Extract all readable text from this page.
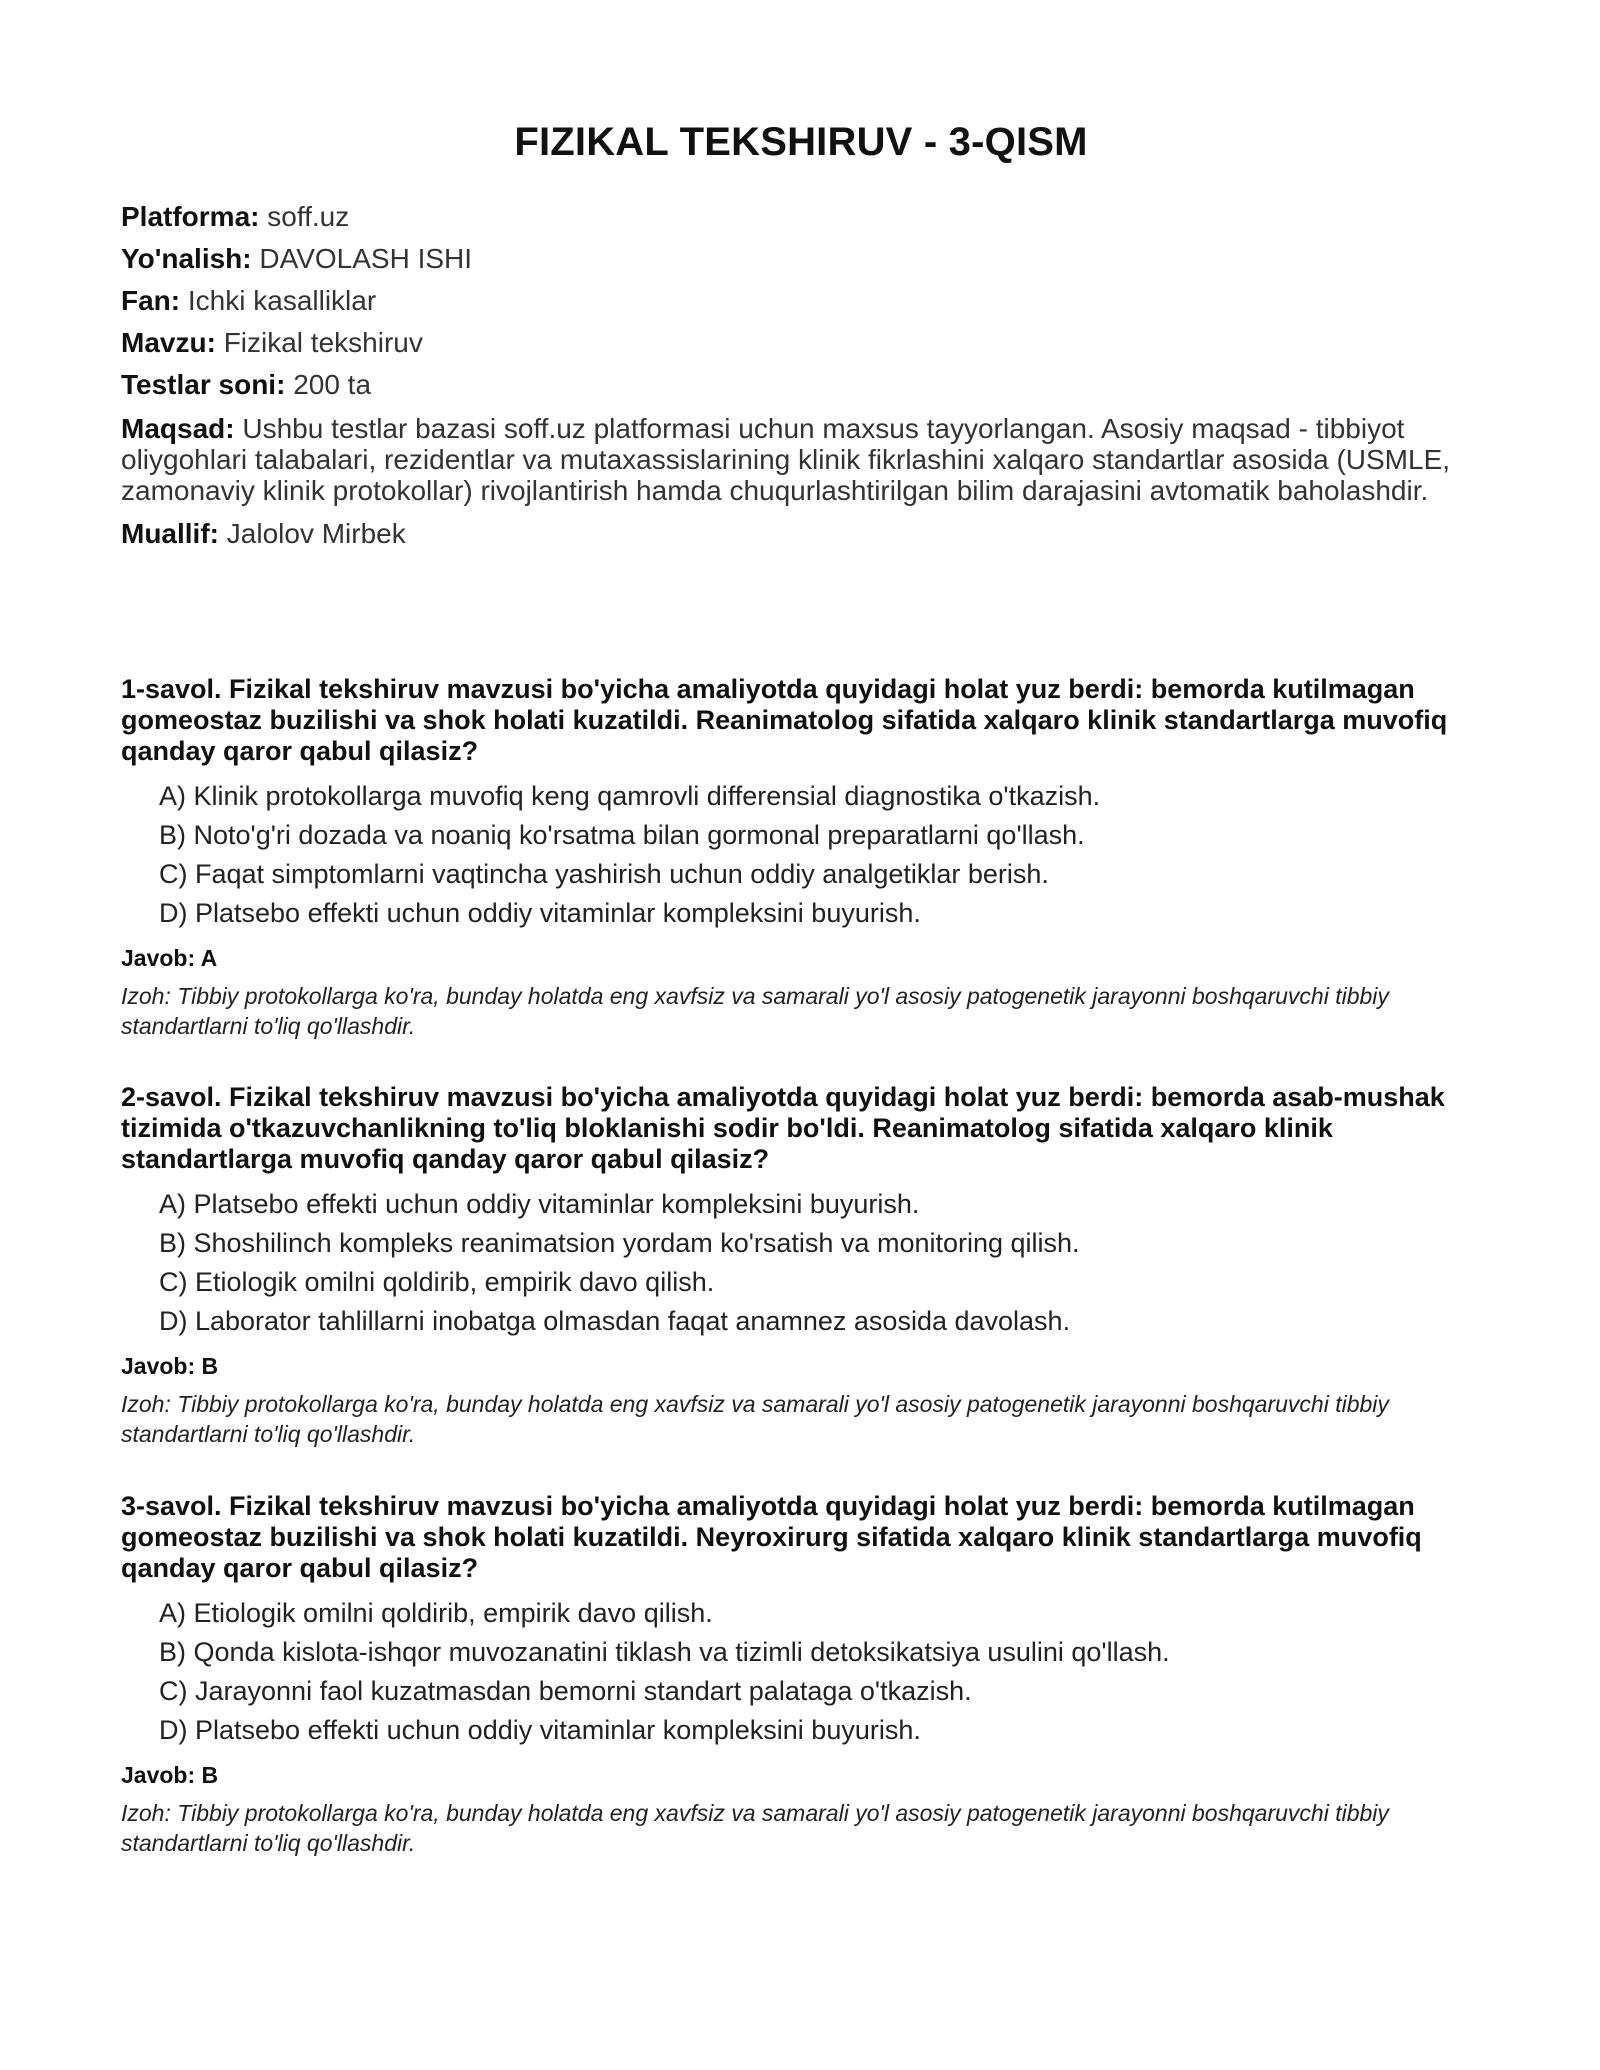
FIZIKAL TEKSHIRUV - 3-QISM
Platforma: soff.uz
Yo'nalish: DAVOLASH ISHI
Fan: Ichki kasalliklar
Mavzu: Fizikal tekshiruv
Testlar soni: 200 ta
Maqsad: Ushbu testlar bazasi soff.uz platformasi uchun maxsus tayyorlangan. Asosiy maqsad - tibbiyot oliygohlari talabalari, rezidentlar va mutaxassislarining klinik fikrlashini xalqaro standartlar asosida (USMLE, zamonaviy klinik protokollar) rivojlantirish hamda chuqurlashtirilgan bilim darajasini avtomatik baholashdir.
Muallif: Jalolov Mirbek

1-savol. Fizikal tekshiruv mavzusi bo'yicha amaliyotda quyidagi holat yuz berdi: bemorda kutilmagan gomeostaz buzilishi va shok holati kuzatildi. Reanimatolog sifatida xalqaro klinik standartlarga muvofiq qanday qaror qabul qilasiz?

A) Klinik protokollarga muvofiq keng qamrovli differensial diagnostika o'tkazish.
B) Noto'g'ri dozada va noaniq ko'rsatma bilan gormonal preparatlarni qo'llash.
C) Faqat simptomlarni vaqtincha yashirish uchun oddiy analgetiklar berish.
D) Platsebo effekti uchun oddiy vitaminlar kompleksini buyurish.
Javob: A
Izoh: Tibbiy protokollarga ko'ra, bunday holatda eng xavfsiz va samarali yo'l asosiy patogenetik jarayonni boshqaruvchi tibbiy standartlarni to'liq qo'llashdir.

2-savol. Fizikal tekshiruv mavzusi bo'yicha amaliyotda quyidagi holat yuz berdi: bemorda asab-mushak tizimida o'tkazuvchanlikning to'liq bloklanishi sodir bo'ldi. Reanimatolog sifatida xalqaro klinik standartlarga muvofiq qanday qaror qabul qilasiz?

A) Platsebo effekti uchun oddiy vitaminlar kompleksini buyurish.
B) Shoshilinch kompleks reanimatsion yordam ko'rsatish va monitoring qilish.
C) Etiologik omilni qoldirib, empirik davo qilish.
D) Laborator tahlillarni inobatga olmasdan faqat anamnez asosida davolash.
Javob: B
Izoh: Tibbiy protokollarga ko'ra, bunday holatda eng xavfsiz va samarali yo'l asosiy patogenetik jarayonni boshqaruvchi tibbiy standartlarni to'liq qo'llashdir.

3-savol. Fizikal tekshiruv mavzusi bo'yicha amaliyotda quyidagi holat yuz berdi: bemorda kutilmagan gomeostaz buzilishi va shok holati kuzatildi. Neyroxirurg sifatida xalqaro klinik standartlarga muvofiq qanday qaror qabul qilasiz?

A) Etiologik omilni qoldirib, empirik davo qilish.
B) Qonda kislota-ishqor muvozanatini tiklash va tizimli detoksikatsiya usulini qo'llash.
C) Jarayonni faol kuzatmasdan bemorni standart palataga o'tkazish.
D) Platsebo effekti uchun oddiy vitaminlar kompleksini buyurish.
Javob: B
Izoh: Tibbiy protokollarga ko'ra, bunday holatda eng xavfsiz va samarali yo'l asosiy patogenetik jarayonni boshqaruvchi tibbiy standartlarni to'liq qo'llashdir.
